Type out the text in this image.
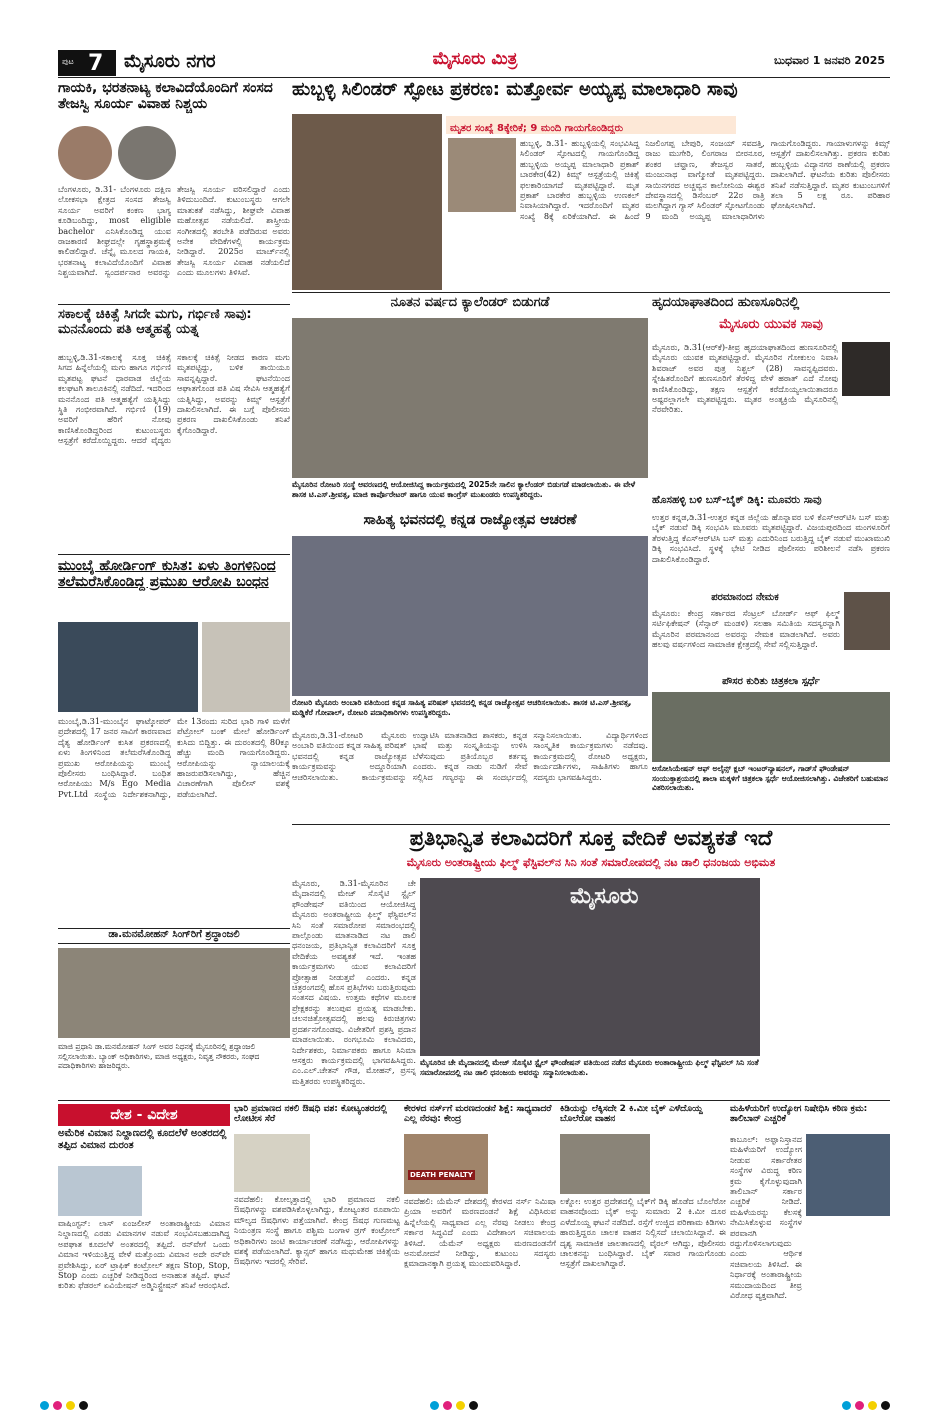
ಪುಟ 7 ಮೈಸೂರು ನಗರ	ಮೈಸೂರು ಮಿತ್ರ	ಬುಧವಾರ 1 ಜನವರಿ 2025
ಗಾಯಕಿ, ಭರತನಾಟ್ಯ ಕಲಾವಿದೆಯೊಂದಿಗೆ ಸಂಸದ ತೇಜಸ್ವಿ ಸೂರ್ಯ ವಿವಾಹ ನಿಶ್ಚಯ
ಬೆಂಗಳೂರು, ಡಿ.31- ಬೆಂಗಳೂರು ದಕ್ಷಿಣ ಲೋಕಸಭಾ ಕ್ಷೇತ್ರದ ಸಂಸದ ತೇಜಸ್ವಿ ಸೂರ್ಯ ಅವರಿಗೆ ಕಂಕಣ ಭಾಗ್ಯ ಕೂಡಿಬಂದಿದ್ದು, most eligible bachelor ಎನಿಸಿಕೊಂಡಿದ್ದ ಯುವ ರಾಜಕಾರಣಿ ಶೀಘ್ರದಲ್ಲೇ ಗೃಹಸ್ಥಾಶ್ರಮಕ್ಕೆ ಕಾಲಿಡಲಿದ್ದಾರೆ. ಚೆನ್ನೈ ಮೂಲದ ಗಾಯಕಿ, ಭರತನಾಟ್ಯ ಕಲಾವಿದೆಯೊಂದಿಗೆ ವಿವಾಹ ನಿಶ್ಚಯವಾಗಿದೆ. ಸ್ವಂದರ್ಪನಾರ ಅವರನ್ನು ತೇಜಸ್ವಿ ಸೂರ್ಯ ವರಿಸಲಿದ್ದಾರೆ ಎಂದು ತಿಳಿದುಬಂದಿದೆ. ಕುಟುಂಬಸ್ಥರು ಆಗಲೇ ಮಾತುಕತೆ ನಡೆಸಿದ್ದು, ಶೀಘ್ರವೇ ವಿವಾಹ ಮಹೋತ್ಸವ ನಡೆಯಲಿದೆ. ಶಾಸ್ತ್ರೀಯ ಸಂಗೀತದಲ್ಲಿ ತರಬೇತಿ ಪಡೆದಿರುವ ಅವರು ಅನೇಕ ವೇದಿಕೆಗಳಲ್ಲಿ ಕಾರ್ಯಕ್ರಮ ನೀಡಿದ್ದಾರೆ. 2025ರ ಮಾರ್ಚ್‌ನಲ್ಲಿ ತೇಜಸ್ವಿ ಸೂರ್ಯ ವಿವಾಹ ನಡೆಯಲಿದೆ ಎಂದು ಮೂಲಗಳು ತಿಳಿಸಿವೆ.
ಸಕಾಲಕ್ಕೆ ಚಿಕಿತ್ಸೆ ಸಿಗದೇ ಮಗು, ಗರ್ಭಿಣಿ ಸಾವು: ಮನನೊಂದು ಪತಿ ಆತ್ಮಹತ್ಯೆ ಯತ್ನ
ಹುಬ್ಬಳ್ಳಿ,ಡಿ.31-ಸಕಾಲಕ್ಕೆ ಸೂಕ್ತ ಚಿಕಿತ್ಸೆ ಸಿಗದ ಹಿನ್ನೆಲೆಯಲ್ಲಿ ಮಗು ಹಾಗೂ ಗರ್ಭಿಣಿ ಮೃತಪಟ್ಟ ಘಟನೆ ಧಾರವಾಡ ಜಿಲ್ಲೆಯ ಕಲಘಟಗಿ ತಾಲೂಕಿನಲ್ಲಿ ನಡೆದಿದೆ. ಇದರಿಂದ ಮನನೊಂದ ಪತಿ ಆತ್ಮಹತ್ಯೆಗೆ ಯತ್ನಿಸಿದ್ದು ಸ್ಥಿತಿ ಗಂಭೀರವಾಗಿದೆ. ಗರ್ಭಿಣಿ (19) ಅವರಿಗೆ ಹೆರಿಗೆ ನೋವು ಕಾಣಿಸಿಕೊಂಡಿದ್ದರಿಂದ ಕುಟುಂಬಸ್ಥರು ಆಸ್ಪತ್ರೆಗೆ ಕರೆದೊಯ್ದಿದ್ದರು. ಆದರೆ ವೈದ್ಯರು ಸಕಾಲಕ್ಕೆ ಚಿಕಿತ್ಸೆ ನೀಡದ ಕಾರಣ ಮಗು ಮೃತಪಟ್ಟಿದ್ದು, ಬಳಿಕ ತಾಯಿಯೂ ಸಾವನ್ನಪ್ಪಿದ್ದಾರೆ. ಘಟನೆಯಿಂದ ಆಘಾತಗೊಂಡ ಪತಿ ವಿಷ ಸೇವಿಸಿ ಆತ್ಮಹತ್ಯೆಗೆ ಯತ್ನಿಸಿದ್ದು, ಅವರನ್ನು ಕಿಮ್ಸ್ ಆಸ್ಪತ್ರೆಗೆ ದಾಖಲಿಸಲಾಗಿದೆ. ಈ ಬಗ್ಗೆ ಪೊಲೀಸರು ಪ್ರಕರಣ ದಾಖಲಿಸಿಕೊಂಡು ತನಿಖೆ ಕೈಗೊಂಡಿದ್ದಾರೆ.
ಮುಂಬೈ ಹೋರ್ಡಿಂಗ್ ಕುಸಿತ: ಏಳು ತಿಂಗಳಿನಿಂದ ತಲೆಮರೆಸಿಕೊಂಡಿದ್ದ ಪ್ರಮುಖ ಆರೋಪಿ ಬಂಧನ
ಮುಂಬೈ,ಡಿ.31-ಮುಂಬೈನ ಘಾಟ್ಕೋಪರ್ ಪ್ರದೇಶದಲ್ಲಿ 17 ಜನರ ಸಾವಿಗೆ ಕಾರಣವಾದ ದೈತ್ಯ ಹೋರ್ಡಿಂಗ್ ಕುಸಿತ ಪ್ರಕರಣದಲ್ಲಿ ಏಳು ತಿಂಗಳಿನಿಂದ ತಲೆಮರೆಸಿಕೊಂಡಿದ್ದ ಪ್ರಮುಖ ಆರೋಪಿಯನ್ನು ಮುಂಬೈ ಪೊಲೀಸರು ಬಂಧಿಸಿದ್ದಾರೆ. ಬಂಧಿತ ಆರೋಪಿಯು M/s Ego Media Pvt.Ltd ಸಂಸ್ಥೆಯ ನಿರ್ದೇಶಕನಾಗಿದ್ದು, ಮೇ 13ರಂದು ಸುರಿದ ಭಾರಿ ಗಾಳಿ ಮಳೆಗೆ ಪೆಟ್ರೋಲ್ ಬಂಕ್ ಮೇಲೆ ಹೋರ್ಡಿಂಗ್ ಕುಸಿದು ಬಿದ್ದಿತ್ತು. ಈ ದುರಂತದಲ್ಲಿ 80ಕ್ಕೂ ಹೆಚ್ಚು ಮಂದಿ ಗಾಯಗೊಂಡಿದ್ದರು. ಆರೋಪಿಯನ್ನು ನ್ಯಾಯಾಲಯಕ್ಕೆ ಹಾಜರುಪಡಿಸಲಾಗಿದ್ದು, ಹೆಚ್ಚಿನ ವಿಚಾರಣೆಗಾಗಿ ಪೊಲೀಸ್ ವಶಕ್ಕೆ ಪಡೆಯಲಾಗಿದೆ.
ಡಾ.ಮನಮೋಹನ್ ಸಿಂಗ್‌ರಿಗೆ ಶ್ರದ್ಧಾಂಜಲಿ
ಮಾಜಿ ಪ್ರಧಾನಿ ಡಾ.ಮನಮೋಹನ್ ಸಿಂಗ್ ಅವರ ನಿಧನಕ್ಕೆ ಮೈಸೂರಿನಲ್ಲಿ ಶ್ರದ್ಧಾಂಜಲಿ ಸಲ್ಲಿಸಲಾಯಿತು. ಬ್ಯಾಂಕ್ ಅಧಿಕಾರಿಗಳು, ಮಾಜಿ ಅಧ್ಯಕ್ಷರು, ನಿವೃತ್ತ ನೌಕರರು, ಸಂಘದ ಪದಾಧಿಕಾರಿಗಳು ಹಾಜರಿದ್ದರು.
ಹುಬ್ಬಳ್ಳಿ ಸಿಲಿಂಡರ್ ಸ್ಫೋಟ ಪ್ರಕರಣ: ಮತ್ತೋರ್ವ ಅಯ್ಯಪ್ಪ ಮಾಲಾಧಾರಿ ಸಾವು
ಮೃತರ ಸಂಖ್ಯೆ 8ಕ್ಕೇರಿಕೆ; 9 ಮಂದಿ ಗಾಯಗೊಂಡಿದ್ದರು
ಹುಬ್ಬಳ್ಳಿ, ಡಿ.31- ಹುಬ್ಬಳ್ಳಿಯಲ್ಲಿ ಸಂಭವಿಸಿದ್ದ ಸಿಲಿಂಡರ್ ಸ್ಫೋಟದಲ್ಲಿ ಗಾಯಗೊಂಡಿದ್ದ ಹುಬ್ಬಳ್ಳಿಯ ಅಯ್ಯಪ್ಪ ಮಾಲಾಧಾರಿ ಪ್ರಕಾಶ್ ಬಾರಕೇರ(42) ಕಿಮ್ಸ್ ಆಸ್ಪತ್ರೆಯಲ್ಲಿ ಚಿಕಿತ್ಸೆ ಫಲಕಾರಿಯಾಗದೆ ಮೃತಪಟ್ಟಿದ್ದಾರೆ. ಮೃತ ಪ್ರಕಾಶ್ ಬಾರಕೇರ ಹುಬ್ಬಳ್ಳಿಯ ಉಣಕಲ್ ನಿವಾಸಿಯಾಗಿದ್ದಾರೆ. ಇದರೊಂದಿಗೆ ಮೃತರ ಸಂಖ್ಯೆ 8ಕ್ಕೆ ಏರಿಕೆಯಾಗಿದೆ. ಈ ಹಿಂದೆ ನಿಜಲಿಂಗಪ್ಪ ಬೇಪುರಿ, ಸಂಜಯ್ ಸವದತ್ತಿ, ರಾಜು ಮುಗೇರಿ, ಲಿಂಗರಾಜ ಬೀರನೂರ, ಶಂಕರ ಚವ್ಹಾಣ, ತೇಜಸ್ವರ ಸಾತರೆ, ಮಂಜುನಾಥ ವಾಗ್ಮೋಡೆ ಮೃತಪಟ್ಟಿದ್ದರು. ಸಾಯಿನಗರದ ಅಚ್ಚವ್ವನ ಕಾಲೋನಿಯ ಈಶ್ವರ ದೇವಸ್ಥಾನದಲ್ಲಿ ಡಿಸೆಂಬರ್ 22ರ ರಾತ್ರಿ ಮಲಗಿದ್ದಾಗ ಗ್ಯಾಸ್ ಸಿಲಿಂಡರ್ ಸ್ಫೋಟಗೊಂಡು 9 ಮಂದಿ ಅಯ್ಯಪ್ಪ ಮಾಲಾಧಾರಿಗಳು ಗಾಯಗೊಂಡಿದ್ದರು. ಗಾಯಾಳುಗಳನ್ನು ಕಿಮ್ಸ್ ಆಸ್ಪತ್ರೆಗೆ ದಾಖಲಿಸಲಾಗಿತ್ತು. ಪ್ರಕರಣ ಕುರಿತು ಹುಬ್ಬಳ್ಳಿಯ ವಿದ್ಯಾನಗರ ಠಾಣೆಯಲ್ಲಿ ಪ್ರಕರಣ ದಾಖಲಾಗಿದೆ. ಘಟನೆಯ ಕುರಿತು ಪೊಲೀಸರು ತನಿಖೆ ನಡೆಸುತ್ತಿದ್ದಾರೆ. ಮೃತರ ಕುಟುಂಬಗಳಿಗೆ ತಲಾ 5 ಲಕ್ಷ ರೂ. ಪರಿಹಾರ ಘೋಷಿಸಲಾಗಿದೆ.
ನೂತನ ವರ್ಷದ ಕ್ಯಾಲೆಂಡರ್ ಬಿಡುಗಡೆ
ಮೈಸೂರಿನ ರೋಟರಿ ಸಂಸ್ಥೆ ಆವರಣದಲ್ಲಿ ಆಯೋಜಿಸಿದ್ದ ಕಾರ್ಯಕ್ರಮದಲ್ಲಿ 2025ನೇ ಸಾಲಿನ ಕ್ಯಾಲೆಂಡರ್ ಬಿಡುಗಡೆ ಮಾಡಲಾಯಿತು. ಈ ವೇಳೆ ಶಾಸಕ ಟಿ.ಎಸ್.ಶ್ರೀವತ್ಸ, ಮಾಜಿ ಕಾರ್ಪೊರೇಟರ್ ಹಾಗೂ ಯುವ ಕಾಂಗ್ರೆಸ್ ಮುಖಂಡರು ಉಪಸ್ಥಿತರಿದ್ದರು.
ಸಾಹಿತ್ಯ ಭವನದಲ್ಲಿ ಕನ್ನಡ ರಾಜ್ಯೋತ್ಸವ ಆಚರಣೆ
ರೋಟರಿ ಮೈಸೂರು ಅಂಬಾರಿ ವತಿಯಿಂದ ಕನ್ನಡ ಸಾಹಿತ್ಯ ಪರಿಷತ್ ಭವನದಲ್ಲಿ ಕನ್ನಡ ರಾಜ್ಯೋತ್ಸವ ಆಚರಿಸಲಾಯಿತು. ಶಾಸಕ ಟಿ.ಎಸ್.ಶ್ರೀವತ್ಸ, ಮಡ್ಡಿಕೆರೆ ಗೋಪಾಲ್, ರೋಟರಿ ಪದಾಧಿಕಾರಿಗಳು ಉಪಸ್ಥಿತರಿದ್ದರು.
ಮೈಸೂರು,ಡಿ.31-ರೋಟರಿ ಮೈಸೂರು ಅಂಬಾರಿ ವತಿಯಿಂದ ಕನ್ನಡ ಸಾಹಿತ್ಯ ಪರಿಷತ್ ಭವನದಲ್ಲಿ ಕನ್ನಡ ರಾಜ್ಯೋತ್ಸವ ಕಾರ್ಯಕ್ರಮವನ್ನು ಅದ್ದೂರಿಯಾಗಿ ಆಚರಿಸಲಾಯಿತು. ಕಾರ್ಯಕ್ರಮವನ್ನು ಉದ್ಘಾಟಿಸಿ ಮಾತನಾಡಿದ ಶಾಸಕರು, ಕನ್ನಡ ಭಾಷೆ ಮತ್ತು ಸಂಸ್ಕೃತಿಯನ್ನು ಉಳಿಸಿ ಬೆಳೆಸುವುದು ಪ್ರತಿಯೊಬ್ಬರ ಕರ್ತವ್ಯ ಎಂದರು. ಕನ್ನಡ ನಾಡು ನುಡಿಗೆ ಸೇವೆ ಸಲ್ಲಿಸಿದ ಗಣ್ಯರನ್ನು ಈ ಸಂದರ್ಭದಲ್ಲಿ ಸನ್ಮಾನಿಸಲಾಯಿತು. ವಿದ್ಯಾರ್ಥಿಗಳಿಂದ ಸಾಂಸ್ಕೃತಿಕ ಕಾರ್ಯಕ್ರಮಗಳು ನಡೆದವು. ಕಾರ್ಯಕ್ರಮದಲ್ಲಿ ರೋಟರಿ ಅಧ್ಯಕ್ಷರು, ಕಾರ್ಯದರ್ಶಿಗಳು, ಸಾಹಿತಿಗಳು ಹಾಗೂ ಸದಸ್ಯರು ಭಾಗವಹಿಸಿದ್ದರು.
ಹೃದಯಾಘಾತದಿಂದ ಹುಣಸೂರಿನಲ್ಲಿ
ಮೈಸೂರು ಯುವಕ ಸಾವು
ಮೈಸೂರು, ಡಿ.31(ಆರ್‌ಕೆ)-ತೀವ್ರ ಹೃದಯಾಘಾತದಿಂದ ಹುಣಸೂರಿನಲ್ಲಿ ಮೈಸೂರು ಯುವಕ ಮೃತಪಟ್ಟಿದ್ದಾರೆ. ಮೈಸೂರಿನ ಗೋಕುಲಂ ನಿವಾಸಿ ಶಿವರಾಜ್ ಅವರ ಪುತ್ರ ನಿಶ್ಚಲ್ (28) ಸಾವನ್ನಪ್ಪಿದವರು. ಸ್ನೇಹಿತರೊಂದಿಗೆ ಹುಣಸೂರಿಗೆ ತೆರಳಿದ್ದ ವೇಳೆ ಹಠಾತ್ ಎದೆ ನೋವು ಕಾಣಿಸಿಕೊಂಡಿದ್ದು, ತಕ್ಷಣ ಆಸ್ಪತ್ರೆಗೆ ಕರೆದೊಯ್ಯಲಾಯಿತಾದರೂ ಅಷ್ಟರಲ್ಲಾಗಲೇ ಮೃತಪಟ್ಟಿದ್ದರು. ಮೃತರ ಅಂತ್ಯಕ್ರಿಯೆ ಮೈಸೂರಿನಲ್ಲಿ ನೆರವೇರಿತು.
ಹೊಸಹಳ್ಳಿ ಬಳಿ ಬಸ್-ಬೈಕ್ ಡಿಕ್ಕಿ: ಮೂವರು ಸಾವು
ಉತ್ತರ ಕನ್ನಡ,ಡಿ.31-ಉತ್ತರ ಕನ್ನಡ ಜಿಲ್ಲೆಯ ಹೊನ್ನಾವರ ಬಳಿ ಕೆಎಸ್ಆರ್‌ಟಿಸಿ ಬಸ್ ಮತ್ತು ಬೈಕ್ ನಡುವೆ ಡಿಕ್ಕಿ ಸಂಭವಿಸಿ ಮೂವರು ಮೃತಪಟ್ಟಿದ್ದಾರೆ. ವಿಜಯಪುರದಿಂದ ಮಂಗಳೂರಿಗೆ ತೆರಳುತ್ತಿದ್ದ ಕೆಎಸ್ಆರ್‌ಟಿಸಿ ಬಸ್ ಮತ್ತು ಎದುರಿನಿಂದ ಬರುತ್ತಿದ್ದ ಬೈಕ್ ನಡುವೆ ಮುಖಾಮುಖಿ ಡಿಕ್ಕಿ ಸಂಭವಿಸಿದೆ. ಸ್ಥಳಕ್ಕೆ ಭೇಟಿ ನೀಡಿದ ಪೊಲೀಸರು ಪರಿಶೀಲನೆ ನಡೆಸಿ ಪ್ರಕರಣ ದಾಖಲಿಸಿಕೊಂಡಿದ್ದಾರೆ.
ಪರಮಾನಂದ ನೇಮಕ
ಮೈಸೂರು: ಕೇಂದ್ರ ಸರ್ಕಾರದ ಸೆಂಟ್ರಲ್ ಬೋರ್ಡ್ ಆಫ್ ಫಿಲ್ಮ್ ಸರ್ಟಿಫಿಕೇಷನ್ (ಸೆನ್ಸಾರ್ ಮಂಡಳಿ) ಸಲಹಾ ಸಮಿತಿಯ ಸದಸ್ಯರನ್ನಾಗಿ ಮೈಸೂರಿನ ಪರಮಾನಂದ ಅವರನ್ನು ನೇಮಕ ಮಾಡಲಾಗಿದೆ. ಅವರು ಹಲವು ವರ್ಷಗಳಿಂದ ಸಾಮಾಜಿಕ ಕ್ಷೇತ್ರದಲ್ಲಿ ಸೇವೆ ಸಲ್ಲಿಸುತ್ತಿದ್ದಾರೆ.
ಪೌಸರ ಕುರಿತು ಚಿತ್ರಕಲಾ ಸ್ಪರ್ಧೆ
ಅಸೋಸಿಯೇಷನ್ ಆಫ್ ಅಲೈನ್ಸ್ ಕ್ಲಬ್ ಇಂಟರ್‌ನ್ಯಾಷನಲ್, ಗಾಡ್‌ಸೆ ಫೌಂಡೇಷನ್ ಸಂಯುಕ್ತಾಶ್ರಯದಲ್ಲಿ ಶಾಲಾ ಮಕ್ಕಳಿಗೆ ಚಿತ್ರಕಲಾ ಸ್ಪರ್ಧೆ ಆಯೋಜಿಸಲಾಗಿತ್ತು. ವಿಜೇತರಿಗೆ ಬಹುಮಾನ ವಿತರಿಸಲಾಯಿತು.
ಪ್ರತಿಭಾನ್ವಿತ ಕಲಾವಿದರಿಗೆ ಸೂಕ್ತ ವೇದಿಕೆ ಅವಶ್ಯಕತೆ ಇದೆ
ಮೈಸೂರು ಅಂತರಾಷ್ಟ್ರೀಯ ಫಿಲ್ಮ್ ಫೆಸ್ಟಿವಲ್‌ನ ಸಿನಿ ಸಂತೆ ಸಮಾರೋಪದಲ್ಲಿ ನಟ ಡಾಲಿ ಧನಂಜಯ ಅಭಿಮತ
ಮೈಸೂರು, ಡಿ.31-ಮೈಸೂರಿನ ಚೇ ಮೈದಾನದಲ್ಲಿ ಮೇಜ್ ಸೊಸೈಟಿ ಸ್ಟೈಲ್ ಫೌಂಡೇಷನ್ ವತಿಯಿಂದ ಆಯೋಜಿಸಿದ್ದ ಮೈಸೂರು ಅಂತರಾಷ್ಟ್ರೀಯ ಫಿಲ್ಮ್ ಫೆಸ್ಟಿವಲ್‌ನ ಸಿನಿ ಸಂತೆ ಸಮಾರೋಪ ಸಮಾರಂಭದಲ್ಲಿ ಪಾಲ್ಗೊಂಡು ಮಾತನಾಡಿದ ನಟ ಡಾಲಿ ಧನಂಜಯ, ಪ್ರತಿಭಾನ್ವಿತ ಕಲಾವಿದರಿಗೆ ಸೂಕ್ತ ವೇದಿಕೆಯ ಅವಶ್ಯಕತೆ ಇದೆ. ಇಂತಹ ಕಾರ್ಯಕ್ರಮಗಳು ಯುವ ಕಲಾವಿದರಿಗೆ ಪ್ರೋತ್ಸಾಹ ನೀಡುತ್ತವೆ ಎಂದರು. ಕನ್ನಡ ಚಿತ್ರರಂಗದಲ್ಲಿ ಹೊಸ ಪ್ರತಿಭೆಗಳು ಬರುತ್ತಿರುವುದು ಸಂತಸದ ವಿಷಯ. ಉತ್ತಮ ಕಥೆಗಳ ಮೂಲಕ ಪ್ರೇಕ್ಷಕರನ್ನು ತಲುಪುವ ಪ್ರಯತ್ನ ಮಾಡಬೇಕು. ಚಲನಚಿತ್ರೋತ್ಸವದಲ್ಲಿ ಹಲವು ಕಿರುಚಿತ್ರಗಳು ಪ್ರದರ್ಶನಗೊಂಡವು. ವಿಜೇತರಿಗೆ ಪ್ರಶಸ್ತಿ ಪ್ರದಾನ ಮಾಡಲಾಯಿತು. ರಂಗಭೂಮಿ ಕಲಾವಿದರು, ನಿರ್ದೇಶಕರು, ನಿರ್ಮಾಪಕರು ಹಾಗೂ ಸಿನಿಮಾ ಆಸಕ್ತರು ಕಾರ್ಯಕ್ರಮದಲ್ಲಿ ಭಾಗವಹಿಸಿದ್ದರು. ಎಂ.ಎಲ್.ಚೇತನ್ ಗೌಡ, ಮೋಹನ್, ಪ್ರಸನ್ನ ಮತ್ತಿತರರು ಉಪಸ್ಥಿತರಿದ್ದರು.
ಮೈಸೂರು
ಮೈಸೂರಿನ ಚೇ ಮೈದಾನದಲ್ಲಿ ಮೇಜ್ ಸೊಸೈಟಿ ಸ್ಟೈಲ್ ಫೌಂಡೇಷನ್ ವತಿಯಿಂದ ನಡೆದ ಮೈಸೂರು ಅಂತಾರಾಷ್ಟ್ರೀಯ ಫಿಲ್ಮ್ ಫೆಸ್ಟಿವಲ್ ಸಿನಿ ಸಂತೆ ಸಮಾರೋಪದಲ್ಲಿ ನಟ ಡಾಲಿ ಧನಂಜಯ ಅವರನ್ನು ಸನ್ಮಾನಿಸಲಾಯಿತು.
ದೇಶ - ವಿದೇಶ
ಅಮೆರಿಕ ವಿಮಾನ ನಿಲ್ದಾಣದಲ್ಲಿ ಕೂದಲೆಳೆ ಅಂತರದಲ್ಲಿ ತಪ್ಪಿದ ವಿಮಾನ ದುರಂತ
ವಾಷಿಂಗ್ಟನ್: ಲಾಸ್ ಏಂಜಲೀಸ್ ಅಂತಾರಾಷ್ಟ್ರೀಯ ವಿಮಾನ ನಿಲ್ದಾಣದಲ್ಲಿ ಎರಡು ವಿಮಾನಗಳ ನಡುವೆ ಸಂಭವಿಸಬಹುದಾಗಿದ್ದ ಅಪಘಾತ ಕೂದಲೆಳೆ ಅಂತರದಲ್ಲಿ ತಪ್ಪಿದೆ. ರನ್‌ವೇಗೆ ಒಂದು ವಿಮಾನ ಇಳಿಯುತ್ತಿದ್ದ ವೇಳೆ ಮತ್ತೊಂದು ವಿಮಾನ ಅದೇ ರನ್‌ವೇ ಪ್ರವೇಶಿಸಿದ್ದು, ಏರ್ ಟ್ರಾಫಿಕ್ ಕಂಟ್ರೋಲ್ ತಕ್ಷಣ Stop, Stop, Stop ಎಂದು ಎಚ್ಚರಿಕೆ ನೀಡಿದ್ದರಿಂದ ಅನಾಹುತ ತಪ್ಪಿದೆ. ಘಟನೆ ಕುರಿತು ಫೆಡರಲ್ ಏವಿಯೇಷನ್ ಅಡ್ಮಿನಿಸ್ಟ್ರೇಷನ್ ತನಿಖೆ ಆರಂಭಿಸಿದೆ.
ಭಾರಿ ಪ್ರಮಾಣದ ನಕಲಿ ಔಷಧಿ ವಶ: ಕೋಟ್ಯಂತರದಲ್ಲಿ ಲೋಟೀಸ ಸೆರೆ
ನವದೆಹಲಿ: ಕೋಲ್ಕತ್ತಾದಲ್ಲಿ ಭಾರಿ ಪ್ರಮಾಣದ ನಕಲಿ ಔಷಧಿಗಳನ್ನು ವಶಪಡಿಸಿಕೊಳ್ಳಲಾಗಿದ್ದು, ಕೋಟ್ಯಂತರ ರೂಪಾಯಿ ಮೌಲ್ಯದ ಔಷಧಿಗಳು ಪತ್ತೆಯಾಗಿವೆ. ಕೇಂದ್ರ ಔಷಧ ಗುಣಮಟ್ಟ ನಿಯಂತ್ರಣ ಸಂಸ್ಥೆ ಹಾಗೂ ಪಶ್ಚಿಮ ಬಂಗಾಳ ಡ್ರಗ್ ಕಂಟ್ರೋಲ್ ಅಧಿಕಾರಿಗಳು ಜಂಟಿ ಕಾರ್ಯಾಚರಣೆ ನಡೆಸಿದ್ದು, ಆರೋಪಿಗಳನ್ನು ವಶಕ್ಕೆ ಪಡೆಯಲಾಗಿದೆ. ಕ್ಯಾನ್ಸರ್ ಹಾಗೂ ಮಧುಮೇಹ ಚಿಕಿತ್ಸೆಯ ಔಷಧಿಗಳು ಇದರಲ್ಲಿ ಸೇರಿವೆ.
ಕೇರಳದ ನರ್ಸ್‌ಗೆ ಮರಣದಂಡನೆ ಶಿಕ್ಷೆ: ಸಾಧ್ಯವಾದರೆ ಎಲ್ಲ ನೆರವು: ಕೇಂದ್ರ
DEATH PENALTY
ನವದೆಹಲಿ: ಯೆಮೆನ್ ದೇಶದಲ್ಲಿ ಕೇರಳದ ನರ್ಸ್ ನಿಮಿಷಾ ಪ್ರಿಯಾ ಅವರಿಗೆ ಮರಣದಂಡನೆ ಶಿಕ್ಷೆ ವಿಧಿಸಿರುವ ಹಿನ್ನೆಲೆಯಲ್ಲಿ ಸಾಧ್ಯವಾದ ಎಲ್ಲ ನೆರವು ನೀಡಲು ಕೇಂದ್ರ ಸರ್ಕಾರ ಸಿದ್ಧವಿದೆ ಎಂದು ವಿದೇಶಾಂಗ ಸಚಿವಾಲಯ ತಿಳಿಸಿದೆ. ಯೆಮೆನ್ ಅಧ್ಯಕ್ಷರು ಮರಣದಂಡನೆಗೆ ಅನುಮೋದನೆ ನೀಡಿದ್ದು, ಕುಟುಂಬ ಸದಸ್ಯರು ಕ್ಷಮಾದಾನಕ್ಕಾಗಿ ಪ್ರಯತ್ನ ಮುಂದುವರಿಸಿದ್ದಾರೆ.
ಕಿಡಿಯನ್ನು ಲೆಕ್ಕಿಸದೇ 2 ಕಿ.ಮೀ ಬೈಕ್ ಎಳೆದೊಯ್ದ ಬೊಲೆರೋ ವಾಹನ
ಲಕ್ನೋ: ಉತ್ತರ ಪ್ರದೇಶದಲ್ಲಿ ಬೈಕ್‌ಗೆ ಡಿಕ್ಕಿ ಹೊಡೆದ ಬೊಲೆರೋ ವಾಹನವೊಂದು ಬೈಕ್ ಅನ್ನು ಸುಮಾರು 2 ಕಿ.ಮೀ ದೂರ ಎಳೆದೊಯ್ದ ಘಟನೆ ನಡೆದಿದೆ. ರಸ್ತೆಗೆ ಉಜ್ಜಿದ ಪರಿಣಾಮ ಕಿಡಿಗಳು ಹಾರುತ್ತಿದ್ದರೂ ಚಾಲಕ ವಾಹನ ನಿಲ್ಲಿಸದೆ ಚಲಾಯಿಸಿದ್ದಾನೆ. ಈ ದೃಶ್ಯ ಸಾಮಾಜಿಕ ಜಾಲತಾಣದಲ್ಲಿ ವೈರಲ್ ಆಗಿದ್ದು, ಪೊಲೀಸರು ಚಾಲಕನನ್ನು ಬಂಧಿಸಿದ್ದಾರೆ. ಬೈಕ್ ಸವಾರ ಗಾಯಗೊಂಡು ಆಸ್ಪತ್ರೆಗೆ ದಾಖಲಾಗಿದ್ದಾರೆ.
ಮಹಿಳೆಯರಿಗೆ ಉದ್ಯೋಗ ನಿಷೇಧಿಸಿ ಕಠಿಣ ಕ್ರಮ: ತಾಲಿಬಾನ್ ಎಚ್ಚರಿಕೆ
ಕಾಬೂಲ್: ಅಫ್ಘಾನಿಸ್ತಾನದ ಮಹಿಳೆಯರಿಗೆ ಉದ್ಯೋಗ ನೀಡುವ ಸರ್ಕಾರೇತರ ಸಂಸ್ಥೆಗಳ ವಿರುದ್ಧ ಕಠಿಣ ಕ್ರಮ ಕೈಗೊಳ್ಳುವುದಾಗಿ ತಾಲಿಬಾನ್ ಸರ್ಕಾರ ಎಚ್ಚರಿಕೆ ನೀಡಿದೆ. ಮಹಿಳೆಯರನ್ನು ಕೆಲಸಕ್ಕೆ ನೇಮಿಸಿಕೊಳ್ಳುವ ಸಂಸ್ಥೆಗಳ ಪರವಾನಗಿ ರದ್ದುಗೊಳಿಸಲಾಗುವುದು ಎಂದು ಆರ್ಥಿಕ ಸಚಿವಾಲಯ ತಿಳಿಸಿದೆ. ಈ ನಿರ್ಧಾರಕ್ಕೆ ಅಂತಾರಾಷ್ಟ್ರೀಯ ಸಮುದಾಯದಿಂದ ತೀವ್ರ ವಿರೋಧ ವ್ಯಕ್ತವಾಗಿದೆ.
